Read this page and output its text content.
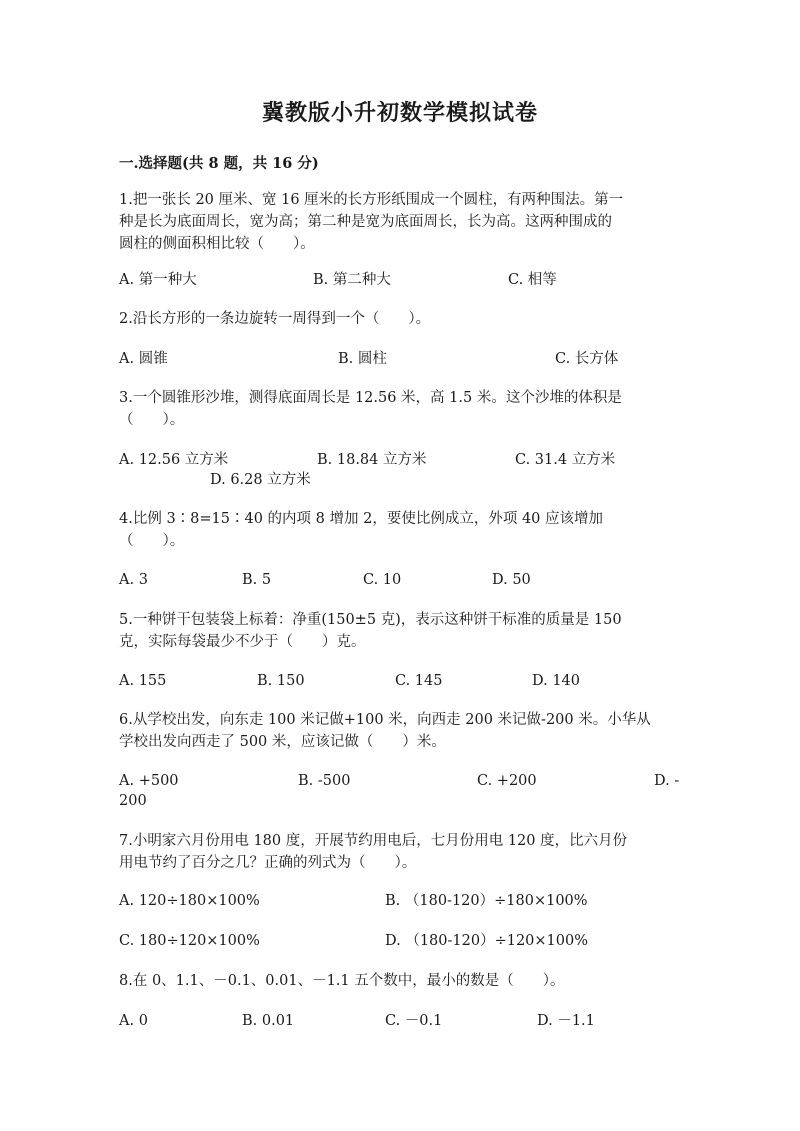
冀教版小升初数学模拟试卷
一.选择题(共 8 题，共 16 分)
1.把一张长 20 厘米、宽 16 厘米的长方形纸围成一个圆柱，有两种围法。第一
种是长为底面周长，宽为高；第二种是宽为底面周长，长为高。这两种围成的
圆柱的侧面积相比较（　　）。
A. 第一种大	B. 第二种大	C. 相等
2.沿长方形的一条边旋转一周得到一个（　　）。
A. 圆锥	B. 圆柱	C. 长方体
3.一个圆锥形沙堆，测得底面周长是 12.56 米，高 1.5 米。这个沙堆的体积是
（　　）。
A. 12.56 立方米	B. 18.84 立方米	C. 31.4 立方米
D. 6.28 立方米
4.比例 3∶8=15∶40 的内项 8 增加 2，要使比例成立，外项 40 应该增加
（　　）。
A. 3	B. 5	C. 10	D. 50
5.一种饼干包装袋上标着：净重(150±5 克)，表示这种饼干标准的质量是 150
克，实际每袋最少不少于（　　）克。
A. 155	B. 150	C. 145	D. 140
6.从学校出发，向东走 100 米记做+100 米，向西走 200 米记做-200 米。小华从
学校出发向西走了 500 米，应该记做（　　）米。
A. +500	B. -500	C. +200	D. -
200
7.小明家六月份用电 180 度，开展节约用电后，七月份用电 120 度，比六月份
用电节约了百分之几？正确的列式为（　　）。
A. 120÷180×100%	B. （180-120）÷180×100%
C. 180÷120×100%	D. （180-120）÷120×100%
8.在 0、1.1、－0.1、0.01、－1.1 五个数中，最小的数是（　　）。
A. 0	B. 0.01	C. －0.1	D. －1.1
